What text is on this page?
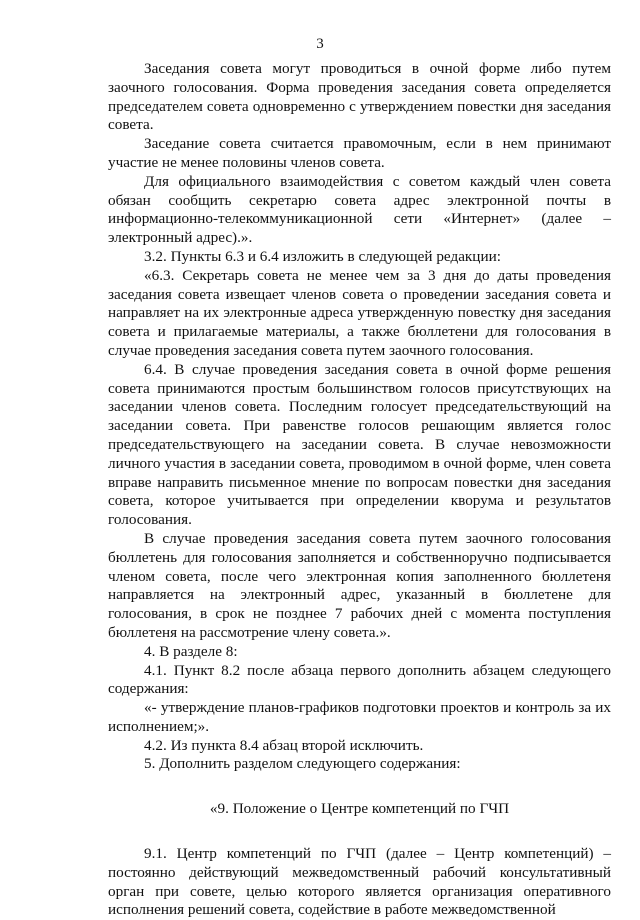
3

Заседания совета могут проводиться в очной форме либо путем заочного голосования. Форма проведения заседания совета определяется председателем совета одновременно с утверждением повестки дня заседания совета.

Заседание совета считается правомочным, если в нем принимают участие не менее половины членов совета.

Для официального взаимодействия с советом каждый член совета обязан сообщить секретарю совета адрес электронной почты в информационно-телекоммуникационной сети «Интернет» (далее – электронный адрес).».

3.2. Пункты 6.3 и 6.4 изложить в следующей редакции:

«6.3. Секретарь совета не менее чем за 3 дня до даты проведения заседания совета извещает членов совета о проведении заседания совета и направляет на их электронные адреса утвержденную повестку дня заседания совета и прилагаемые материалы, а также бюллетени для голосования в случае проведения заседания совета путем заочного голосования.

6.4. В случае проведения заседания совета в очной форме решения совета принимаются простым большинством голосов присутствующих на заседании членов совета. Последним голосует председательствующий на заседании совета. При равенстве голосов решающим является голос председательствующего на заседании совета. В случае невозможности личного участия в заседании совета, проводимом в очной форме, член совета вправе направить письменное мнение по вопросам повестки дня заседания совета, которое учитывается при определении кворума и результатов голосования.

В случае проведения заседания совета путем заочного голосования бюллетень для голосования заполняется и собственноручно подписывается членом совета, после чего электронная копия заполненного бюллетеня направляется на электронный адрес, указанный в бюллетене для голосования, в срок не позднее 7 рабочих дней с момента поступления бюллетеня на рассмотрение члену совета.».

4. В разделе 8:

4.1. Пункт 8.2 после абзаца первого дополнить абзацем следующего содержания:

«- утверждение планов-графиков подготовки проектов и контроль за их исполнением;».

4.2. Из пункта 8.4 абзац второй исключить.

5. Дополнить разделом следующего содержания:

«9. Положение о Центре компетенций по ГЧП

9.1. Центр компетенций по ГЧП (далее – Центр компетенций) – постоянно действующий межведомственный рабочий консультативный орган при совете, целью которого является организация оперативного исполнения решений совета, содействие в работе межведомственной
